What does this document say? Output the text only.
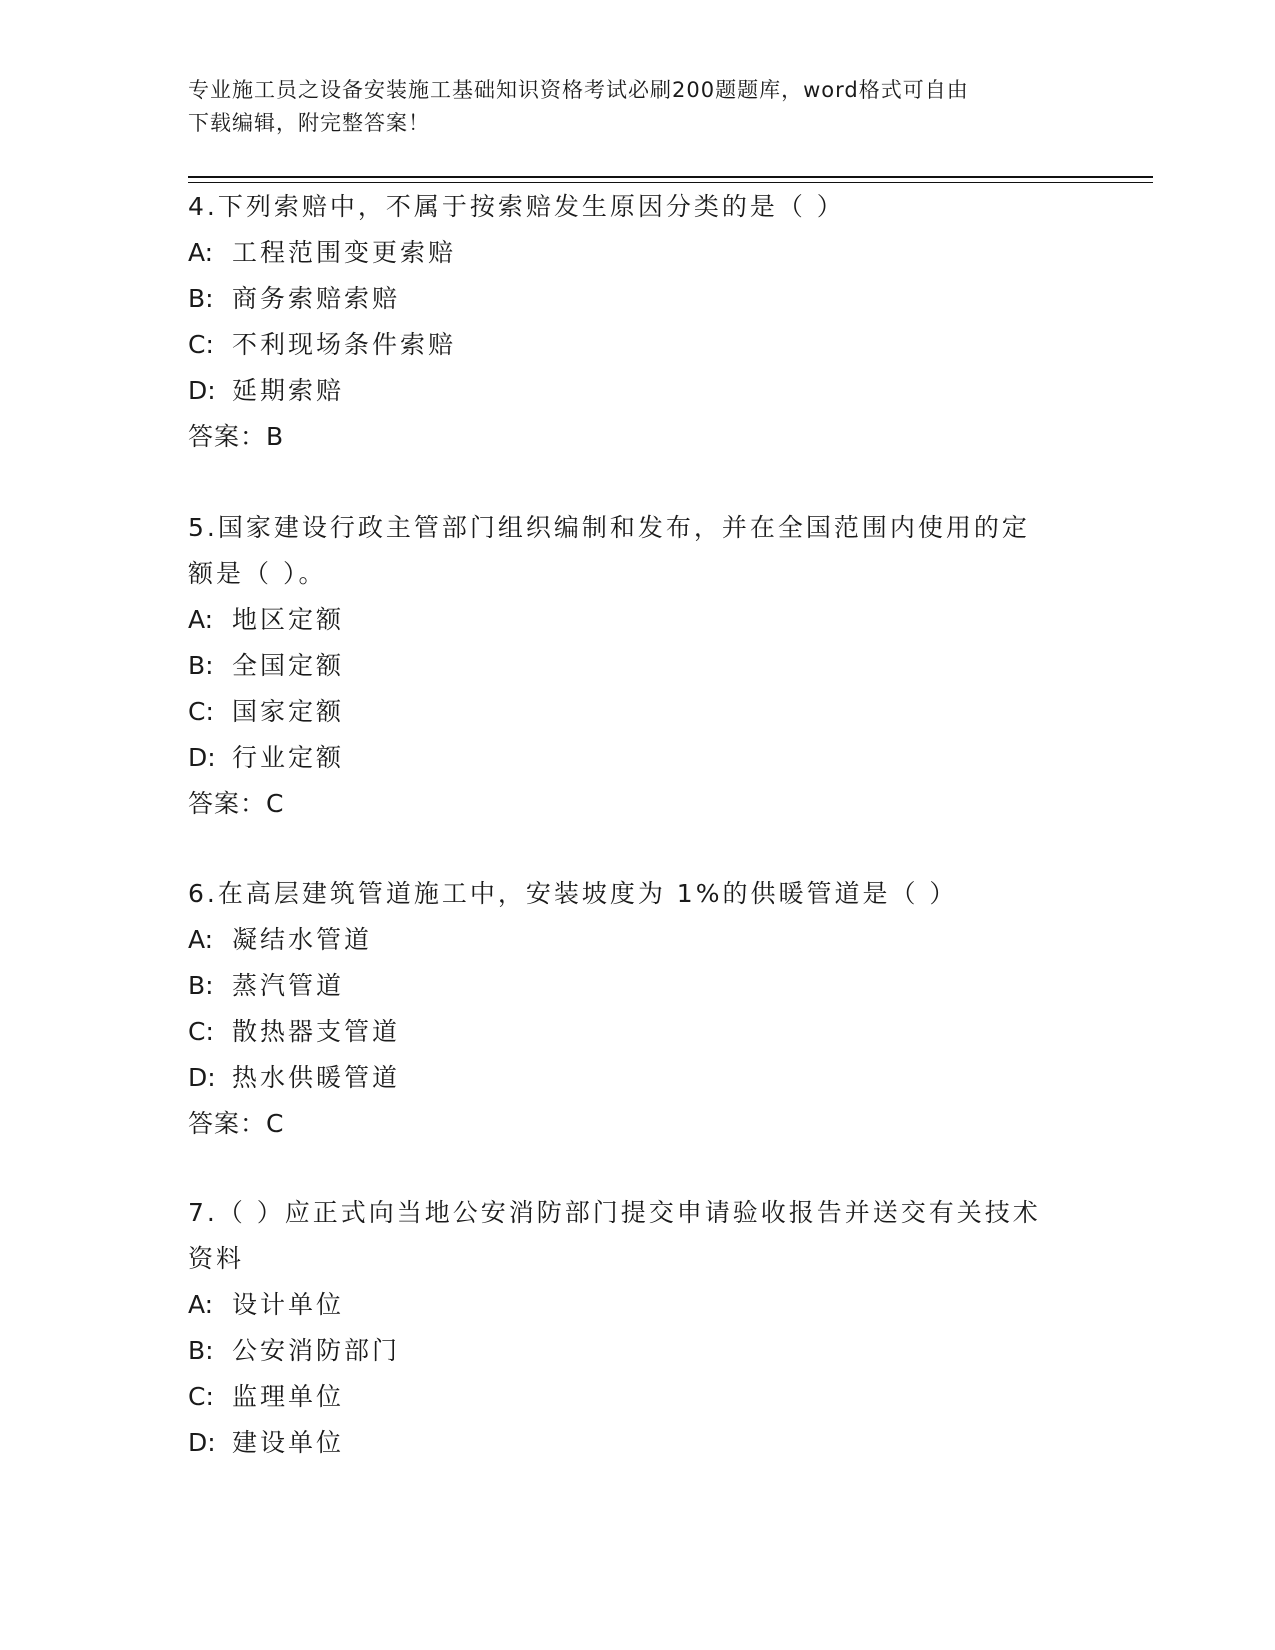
专业施工员之设备安装施工基础知识资格考试必刷200题题库，word格式可自由
下载编辑，附完整答案！

4.下列索赔中，不属于按索赔发生原因分类的是（ ）

A: 工程范围变更索赔

B: 商务索赔索赔

C: 不利现场条件索赔

D: 延期索赔

答案：B

5.国家建设行政主管部门组织编制和发布，并在全国范围内使用的定

额是（ ）。

A: 地区定额

B: 全国定额

C: 国家定额

D: 行业定额

答案：C

6.在高层建筑管道施工中，安装坡度为 1%的供暖管道是（ ）

A: 凝结水管道

B: 蒸汽管道

C: 散热器支管道

D: 热水供暖管道

答案：C

7.（ ）应正式向当地公安消防部门提交申请验收报告并送交有关技术

资料

A: 设计单位

B: 公安消防部门

C: 监理单位

D: 建设单位
